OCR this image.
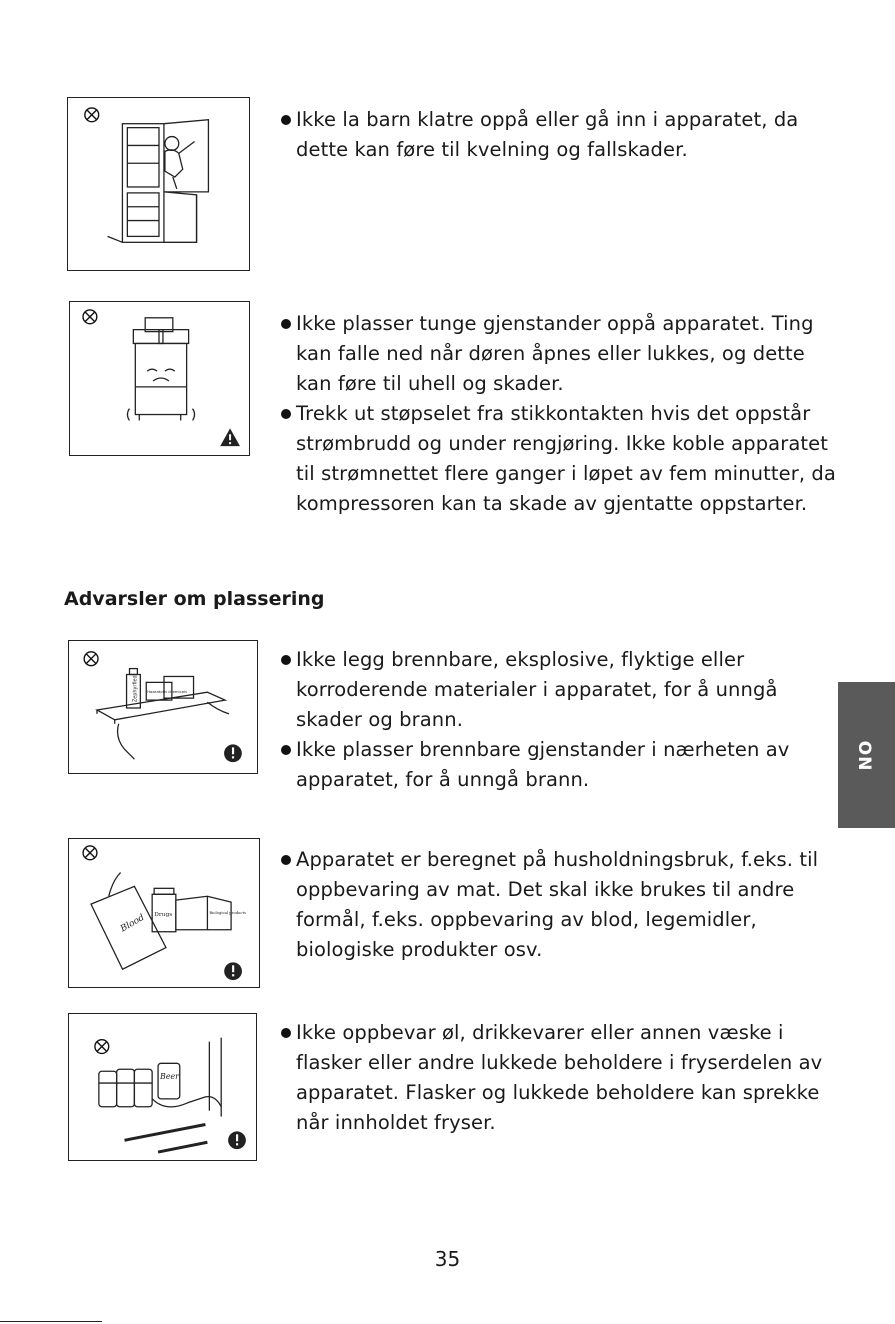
Ikke la barn klatre oppå eller gå inn i apparatet, da dette kan føre til kvelning og fallskader.
Ikke plasser tunge gjenstander oppå apparatet. Ting kan falle ned når døren åpnes eller lukkes, og dette kan føre til uhell og skader.
Trekk ut støpselet fra stikkontakten hvis det oppstår strømbrudd og under rengjøring. Ikke koble apparatet til strømnettet flere ganger i løpet av fem minutter, da kompressoren kan ta skade av gjentatte oppstarter.
Advarsler om plassering
Zephyrfied Hazardous chemicals
Ikke legg brennbare, eksplosive, flyktige eller korroderende materialer i apparatet, for å unngå skader og brann.
Ikke plasser brennbare gjenstander i nærheten av apparatet, for å unngå brann.
Blood Drugs	Biological products
Apparatet er beregnet på husholdningsbruk, f.eks. til oppbevaring av mat. Det skal ikke brukes til andre formål, f.eks. oppbevaring av blod, legemidler, biologiske produkter osv.
Beer
Ikke oppbevar øl, drikkevarer eller annen væske i flasker eller andre lukkede beholdere i fryserdelen av apparatet. Flasker og lukkede beholdere kan sprekke når innholdet fryser.
NO
35
